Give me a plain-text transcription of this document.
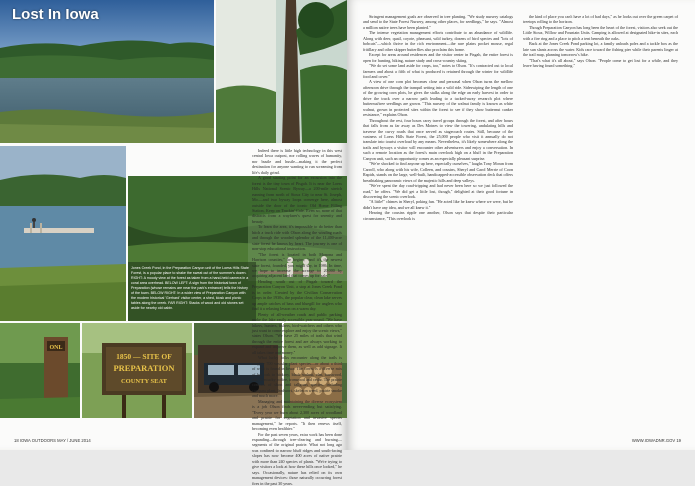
Lost In Iowa
Jones Creek Pond, in the Preparation Canyon unit of the Loess Hills State Forest, is a popular place to shake the sweat out of the summer's dozen. RIGHT: A moody view at the forest as taken from a hand-held camera in a coral area overhead. BELOW LEFT: A sign from the historical town of Preparation (whose remains are near the park's entrance) tells the history of the town. BELOW RIGHT: In a wider view of Preparation Canyon with the modern historical 'Gerhard' visitor center, a shed, kiosk and picnic tables along the creek. FAR RIGHT: Stacks of wood and old stones set aside for nearby old cabin.
ONL
1850 — SITE OF
PREPARATION
COUNTY SEAT

Indeed there is little high technology in this west central Iowa outpost, nor rolling waves of humanity, nor bustle and hustle—making it the perfect destination for anyone wanting to run screaming from life's daily grind.

A good starting point for an excursion into the forest is the tiny town of Pisgah. It is near the Loess Hills National Scenic Byway—a 200-mile stretch running from north of Sioux City to near St. Joseph, Mo.—and two byway loops converge here, almost outside the door of the iconic Old Home Filling Station, Keep on Truckin' Cafe. Even so, none of that distracts from a wayfarer's quest for serenity and beauty.

To learn the area, it's impossible to do better than hitch a truck ride with Olson along the winding roads and through the wooded splendor of the 11,400-acre state forest he knows by heart. The journey is one of non-stop educational instruction.

"The forest is located in both Monona and Harrison counties," he begins, "and it's the newest state forest, founded, you might say, in 1986. In time, we hope to increase the acreage to 20,000 by acquiring adjacent land that comes up for sale."

Heading south out of Pisgah toward the Preparation Canyon Unit, a stop at Jones Creek Pond is in order. Created by the Civilian Conservation Corps in the 1930s, the popular clear, clean lake serves up ample catches of bass and bluegill for anglers who find it a relaxing lesson on a warm day.

Plenty of all-weather roads and public parking make the lake easily accessible year-round. "We have hikers, hunters, fishers, bird-watchers and others who just want to come explore and enjoy the scenic views," states Olson. "We have 25 miles of trails that wind through the entire forest and are always working to expand and improve them, as well as add signage. It all takes time and money."

What lucky folks encounter along the trails is roughly 700 vascular plant species—or about a third of what is found in Iowa. The forest is a diverse mix of bur oak to hickory, black walnut, elm, basswood, ash, Kentucky coffee, ironwood and cedar. The prairie consists of short and tallgrass species, including compass plant, leadwort, skeleton weed, prairie smoke and much more.

Managing and maintaining the diverse ecosystem is a job Olson finds never-ending but satisfying. "Every year we burn about 2,300 acres of woodland and prairie for vegetation and invasive species management," he reports. "It then renews itself, becoming even healthier."

For the past seven years, extra work has been done expanding—through tree-clearing and burning—segments of the original prairie. What not long ago was confined to narrow bluff ridges and south-facing slopes has now become 400 acres of native prairie with more than 240 species of plants. "We're trying to give visitors a look at how these hills once looked," he says. Occasionally, nature has relied on its own management devices: those naturally occurring forest fires in the past 30 years.

18 IOWA OUTDOORS MAY / JUNE 2014

Stringent management goals are observed in tree planting. "We study nursery catalogs and send to the State Forest Nursery, among other places, for seedlings," he says. "Almost a million native trees have been planted."

The intense vegetation management efforts contribute to an abundance of wildlife. Along with deer, quail, coyote, pheasant, wild turkey, dozens of bird species and "lots of bobcats"—which thrive in the rich environment—the rare plains pocket mouse, regal fritillary and other skipper butterflies also proclaim this home.

Except for areas around residences and the visitor center in Pisgah, the entire forest is open for hunting, hiking, nature study and cross-country skiing.

"We do set some land aside for crops, too," notes to Olson. "It's contracted out to local farmers and about a fifth of what is produced is retained through the winter for wildlife food and cover."

A view of one corn plot becomes close and personal when Olson turns the mellow afternoon drive through the tranquil setting into a wild ride. Sideswiping the length of one of the growing corn plots, he gives the stalks along the edge an early harvest in order to drive the truck over a narrow path leading to a tucked-away research plot where butternut/tree seedlings are grown. "This nursery of the walnut family is known as white walnut, grown in protected sites within the forest to see if they show butternut canker resistance," explains Olson.

Throughout the rest, four hours carry travel groups through the forest, and after hours that falls from as far away as Des Moines to view the towering, undulating hills and traverse the curvy roads that once served as stagecoach routes. Still, because of the vastness of Loess Hills State Forest, the 25,000 people who visit it annually do not translate into tourist overload by any means. Nevertheless, it's likely somewhere along the trails and byways a visitor will encounter other adventurers and enjoy a conversation. In such a remote location as the forest's main overlook high on a bluff in the Preparation Canyon unit, such an opportunity comes as an especially pleasant surprise.

"We're shocked to find anyone up here, especially ourselves," laughs Tony Moran from Carroll, who along with his wife, Colleen, and cousins, Sheryl and Carol Merrie of Coon Rapids, stands on the large, well-built, handicapped-accessible observation deck that offers breathtaking panoramic views of the majestic hills and deep valleys.

"We've spent the day road-tripping and had never been here so we just followed the road," he offers. "We did get a little lost, though," delighted at their good fortune in discovering the scenic overlook.

"A little!" chimes in Sheryl, poking fun. "He acted like he knew where we were, but he didn't have any idea, and we all knew it."

Hearing the cousins ripple one another, Olson says that despite their particular circumstance, "This overlook is

the kind of place you can't have a lot of bad days," as he looks out over the green carpet of treetops rolling to the horizon.

Though Preparation Canyon has long been the heart of the forest, visitors also seek out the Little Sioux, Willow and Fountain Units. Camping is allowed at designated hike-in sites, each with a fire ring and a place to pitch a tent beneath the oaks.

Back at the Jones Creek Pond parking lot, a family unloads poles and a tackle box as the late sun slants across the water. Kids race toward the fishing pier while their parents linger at the trail map, planning tomorrow's hike.

"That's what it's all about," says Olson. "People come to get lost for a while, and they leave having found something."

WWW.IOWADNR.GOV 19
